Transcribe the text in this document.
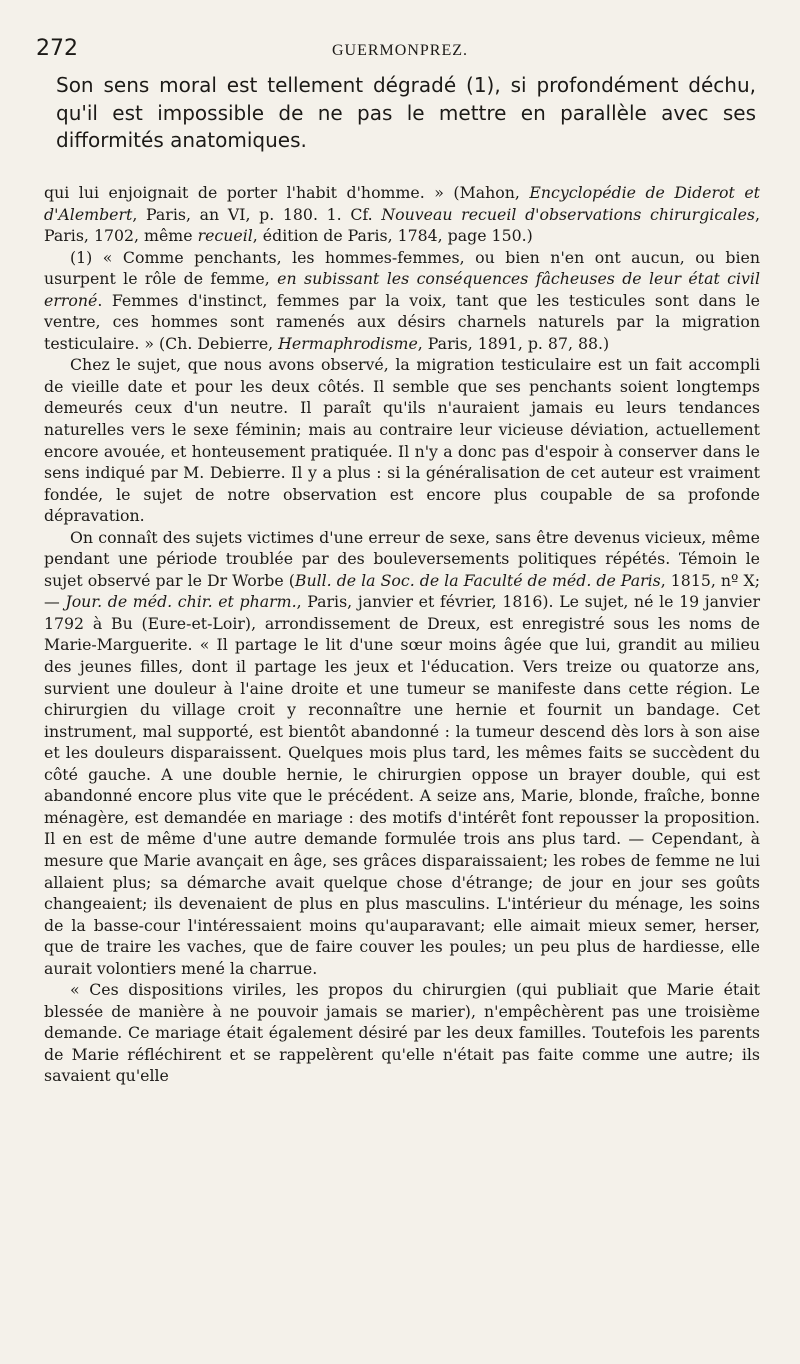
272	GUERMONPREZ.

Son sens moral est tellement dégradé (1), si profondément déchu, qu'il est impossible de ne pas le mettre en parallèle avec ses difformités anatomiques.

qui lui enjoignait de porter l'habit d'homme. » (Mahon, Encyclopédie de Diderot et d'Alembert, Paris, an VI, p. 180. 1. Cf. Nouveau recueil d'observations chirurgicales, Paris, 1702, même recueil, édition de Paris, 1784, page 150.)

(1) « Comme penchants, les hommes-femmes, ou bien n'en ont aucun, ou bien usurpent le rôle de femme, en subissant les conséquences fâcheuses de leur état civil erroné. Femmes d'instinct, femmes par la voix, tant que les testicules sont dans le ventre, ces hommes sont ramenés aux désirs charnels naturels par la migration testiculaire. » (Ch. Debierre, Hermaphrodisme, Paris, 1891, p. 87, 88.)

Chez le sujet, que nous avons observé, la migration testiculaire est un fait accompli de vieille date et pour les deux côtés. Il semble que ses penchants soient longtemps demeurés ceux d'un neutre. Il paraît qu'ils n'auraient jamais eu leurs tendances naturelles vers le sexe féminin; mais au contraire leur vicieuse déviation, actuellement encore avouée, et honteusement pratiquée. Il n'y a donc pas d'espoir à conserver dans le sens indiqué par M. Debierre. Il y a plus : si la généralisation de cet auteur est vraiment fondée, le sujet de notre observation est encore plus coupable de sa profonde dépravation.

On connaît des sujets victimes d'une erreur de sexe, sans être devenus vicieux, même pendant une période troublée par des bouleversements politiques répétés. Témoin le sujet observé par le Dr Worbe (Bull. de la Soc. de la Faculté de méd. de Paris, 1815, nº X; — Jour. de méd. chir. et pharm., Paris, janvier et février, 1816). Le sujet, né le 19 janvier 1792 à Bu (Eure-et-Loir), arrondissement de Dreux, est enregistré sous les noms de Marie-Marguerite. « Il partage le lit d'une sœur moins âgée que lui, grandit au milieu des jeunes filles, dont il partage les jeux et l'éducation. Vers treize ou quatorze ans, survient une douleur à l'aine droite et une tumeur se manifeste dans cette région. Le chirurgien du village croit y reconnaître une hernie et fournit un bandage. Cet instrument, mal supporté, est bientôt abandonné : la tumeur descend dès lors à son aise et les douleurs disparaissent. Quelques mois plus tard, les mêmes faits se succèdent du côté gauche. A une double hernie, le chirurgien oppose un brayer double, qui est abandonné encore plus vite que le précédent. A seize ans, Marie, blonde, fraîche, bonne ménagère, est demandée en mariage : des motifs d'intérêt font repousser la proposition. Il en est de même d'une autre demande formulée trois ans plus tard. — Cependant, à mesure que Marie avançait en âge, ses grâces disparaissaient; les robes de femme ne lui allaient plus; sa démarche avait quelque chose d'étrange; de jour en jour ses goûts changeaient; ils devenaient de plus en plus masculins. L'intérieur du ménage, les soins de la basse-cour l'intéressaient moins qu'auparavant; elle aimait mieux semer, herser, que de traire les vaches, que de faire couver les poules; un peu plus de hardiesse, elle aurait volontiers mené la charrue.

« Ces dispositions viriles, les propos du chirurgien (qui publiait que Marie était blessée de manière à ne pouvoir jamais se marier), n'empêchèrent pas une troisième demande. Ce mariage était également désiré par les deux familles. Toutefois les parents de Marie réfléchirent et se rappelèrent qu'elle n'était pas faite comme une autre; ils savaient qu'elle
